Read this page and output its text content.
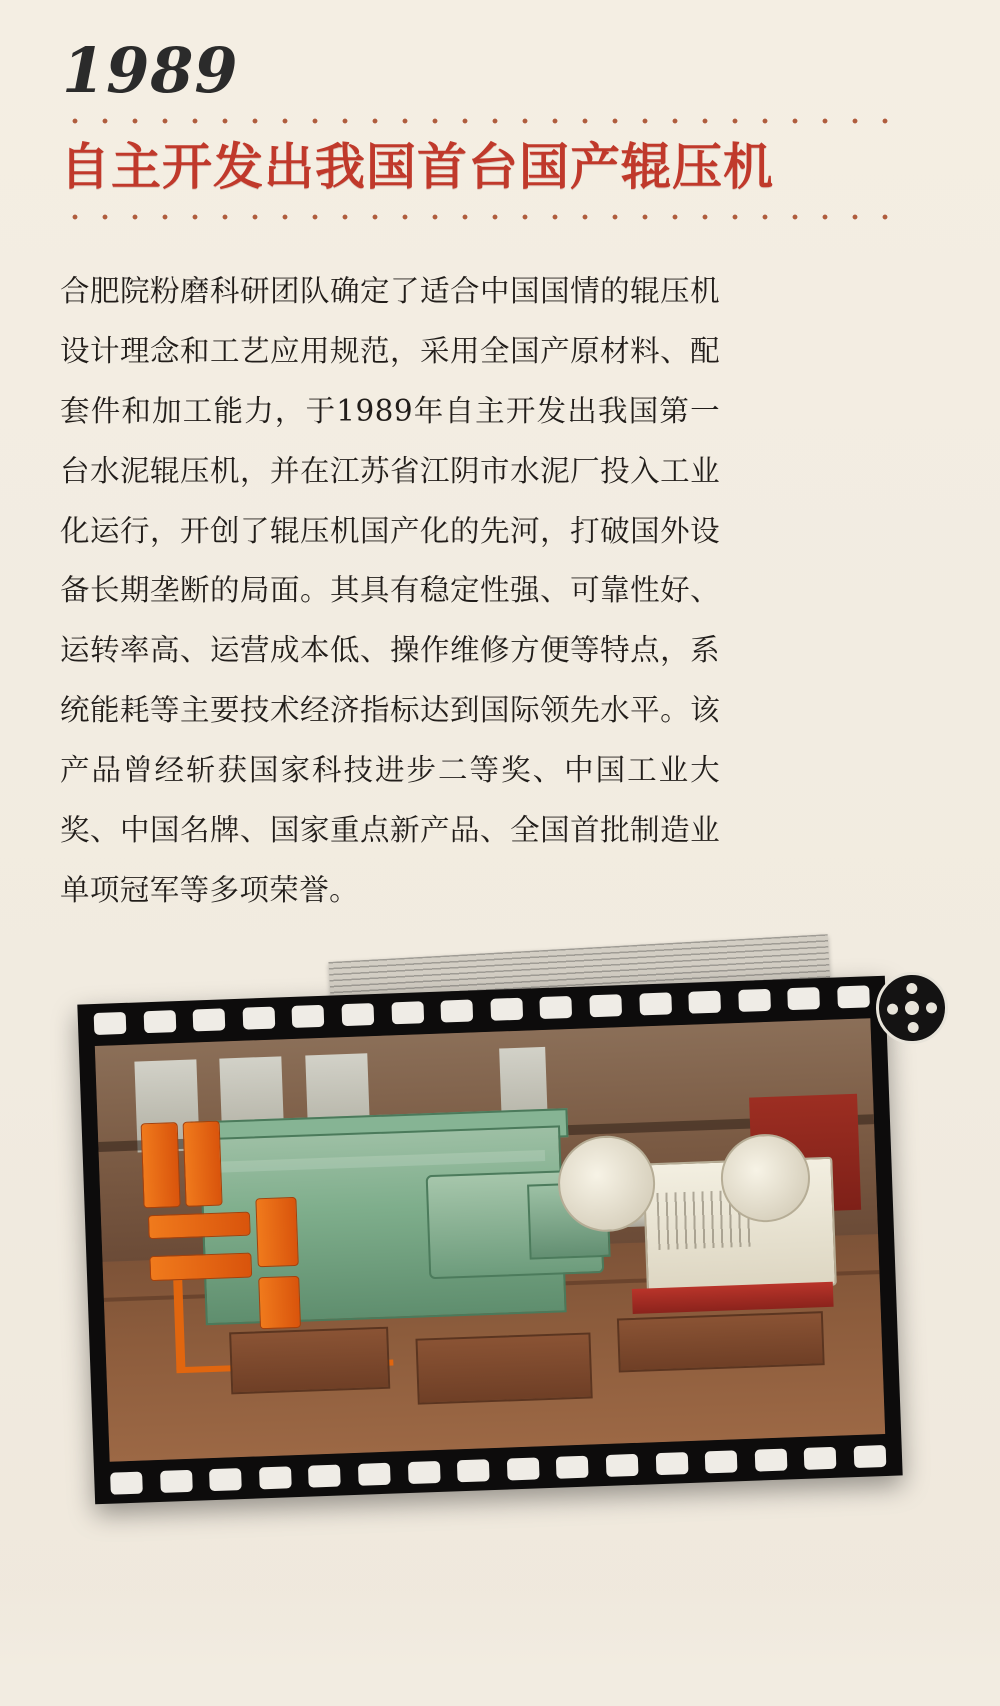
1989
自主开发出我国首台国产辊压机
合肥院粉磨科研团队确定了适合中国国情的辊压机设计理念和工艺应用规范，采用全国产原材料、配套件和加工能力，于1989年自主开发出我国第一台水泥辊压机，并在江苏省江阴市水泥厂投入工业化运行，开创了辊压机国产化的先河，打破国外设备长期垄断的局面。其具有稳定性强、可靠性好、运转率高、运营成本低、操作维修方便等特点，系统能耗等主要技术经济指标达到国际领先水平。该产品曾经斩获国家科技进步二等奖、中国工业大奖、中国名牌、国家重点新产品、全国首批制造业单项冠军等多项荣誉。
